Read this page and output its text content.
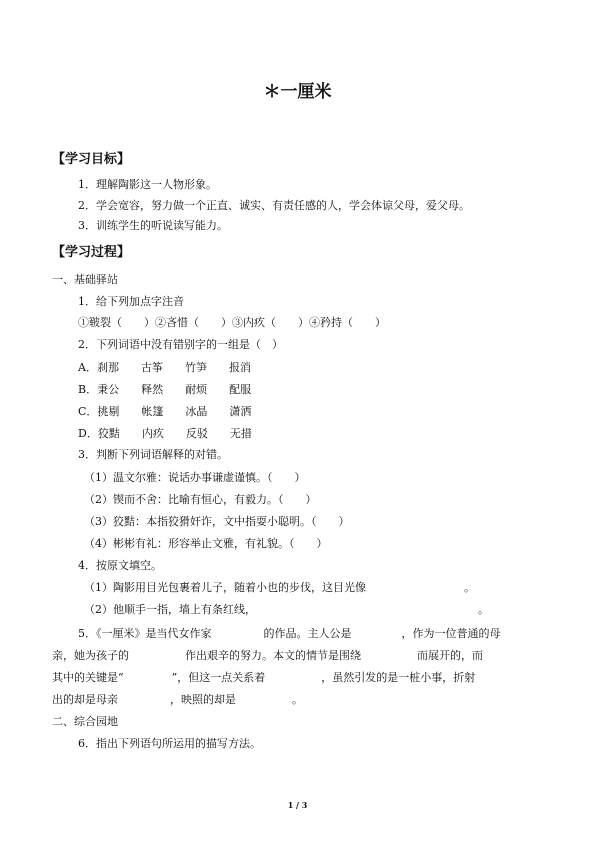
＊一厘米
【学习目标】
1．理解陶影这一人物形象。
2．学会宽容，努力做一个正直、诚实、有责任感的人，学会体谅父母，爱父母。
3．训练学生的听说读写能力。
【学习过程】
一、基础驿站
1．给下列加点字注音
①皲裂（　　）②吝惜（　　）③内疚（　　）④矜持（　　）
2．下列词语中没有错别字的一组是（　）
A．刹那　　古筝　　竹笋　　报消
B．秉公　　释然　　耐烦　　配服
C．挑剔　　帐篷　　冰晶　　潇洒
D．狡黠　　内疚　　反驳　　无措
3．判断下列词语解释的对错。
（1）温文尔雅：说话办事谦虚谨慎。（　　）
（2）锲而不舍：比喻有恒心，有毅力。（　　）
（3）狡黠：本指狡猾奸诈，文中指耍小聪明。（　　）
（4）彬彬有礼：形容举止文雅，有礼貌。（　　）
4．按原文填空。
（1）陶影用目光包裹着儿子，随着小也的步伐，这目光像	。
（2）他顺手一指，墙上有条红线，	。
5．《一厘米》是当代女作家	的作品。主人公是	，作为一位普通的母
亲，她为孩子的	作出艰辛的努力。本文的情节是围绕	而展开的，而
其中的关键是“	”，但这一点关系着	，虽然引发的是一桩小事，折射
出的却是母亲	，映照的却是	。
二、综合园地
6．指出下列语句所运用的描写方法。
1 / 3
